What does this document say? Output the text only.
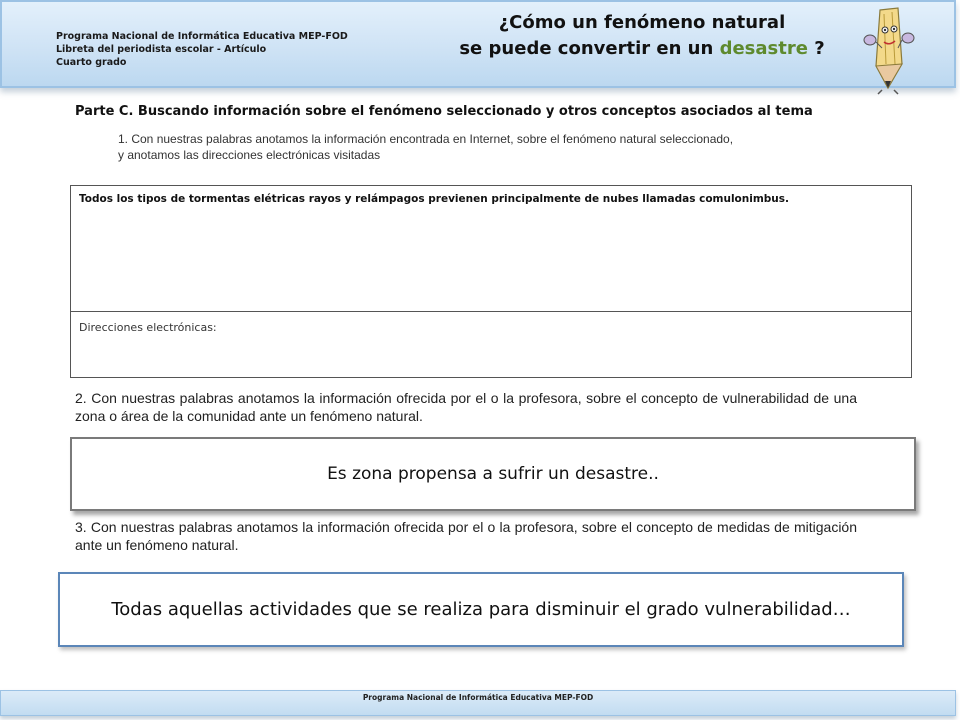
Programa Nacional de Informática Educativa MEP-FOD
Libreta del periodista escolar - Artículo
Cuarto grado
¿Cómo un fenómeno natural
se puede convertir en un desastre ?
Parte C. Buscando información sobre el fenómeno seleccionado y otros conceptos asociados al tema
1. Con nuestras palabras anotamos la información encontrada en Internet, sobre el fenómeno natural seleccionado,
y anotamos las direcciones electrónicas visitadas
Todos los tipos de tormentas elétricas rayos y relámpagos previenen principalmente de nubes llamadas comulonimbus.
Direcciones electrónicas:
2. Con nuestras palabras anotamos la información ofrecida por el o la profesora, sobre el concepto de vulnerabilidad de una zona o área de la comunidad ante un fenómeno natural.
Es zona propensa a sufrir un desastre..
3. Con nuestras palabras anotamos la información ofrecida por el o la profesora, sobre el concepto de medidas de mitigación ante un fenómeno natural.
Todas aquellas actividades que se realiza para disminuir el grado vulnerabilidad…
Programa Nacional de Informática Educativa MEP-FOD
